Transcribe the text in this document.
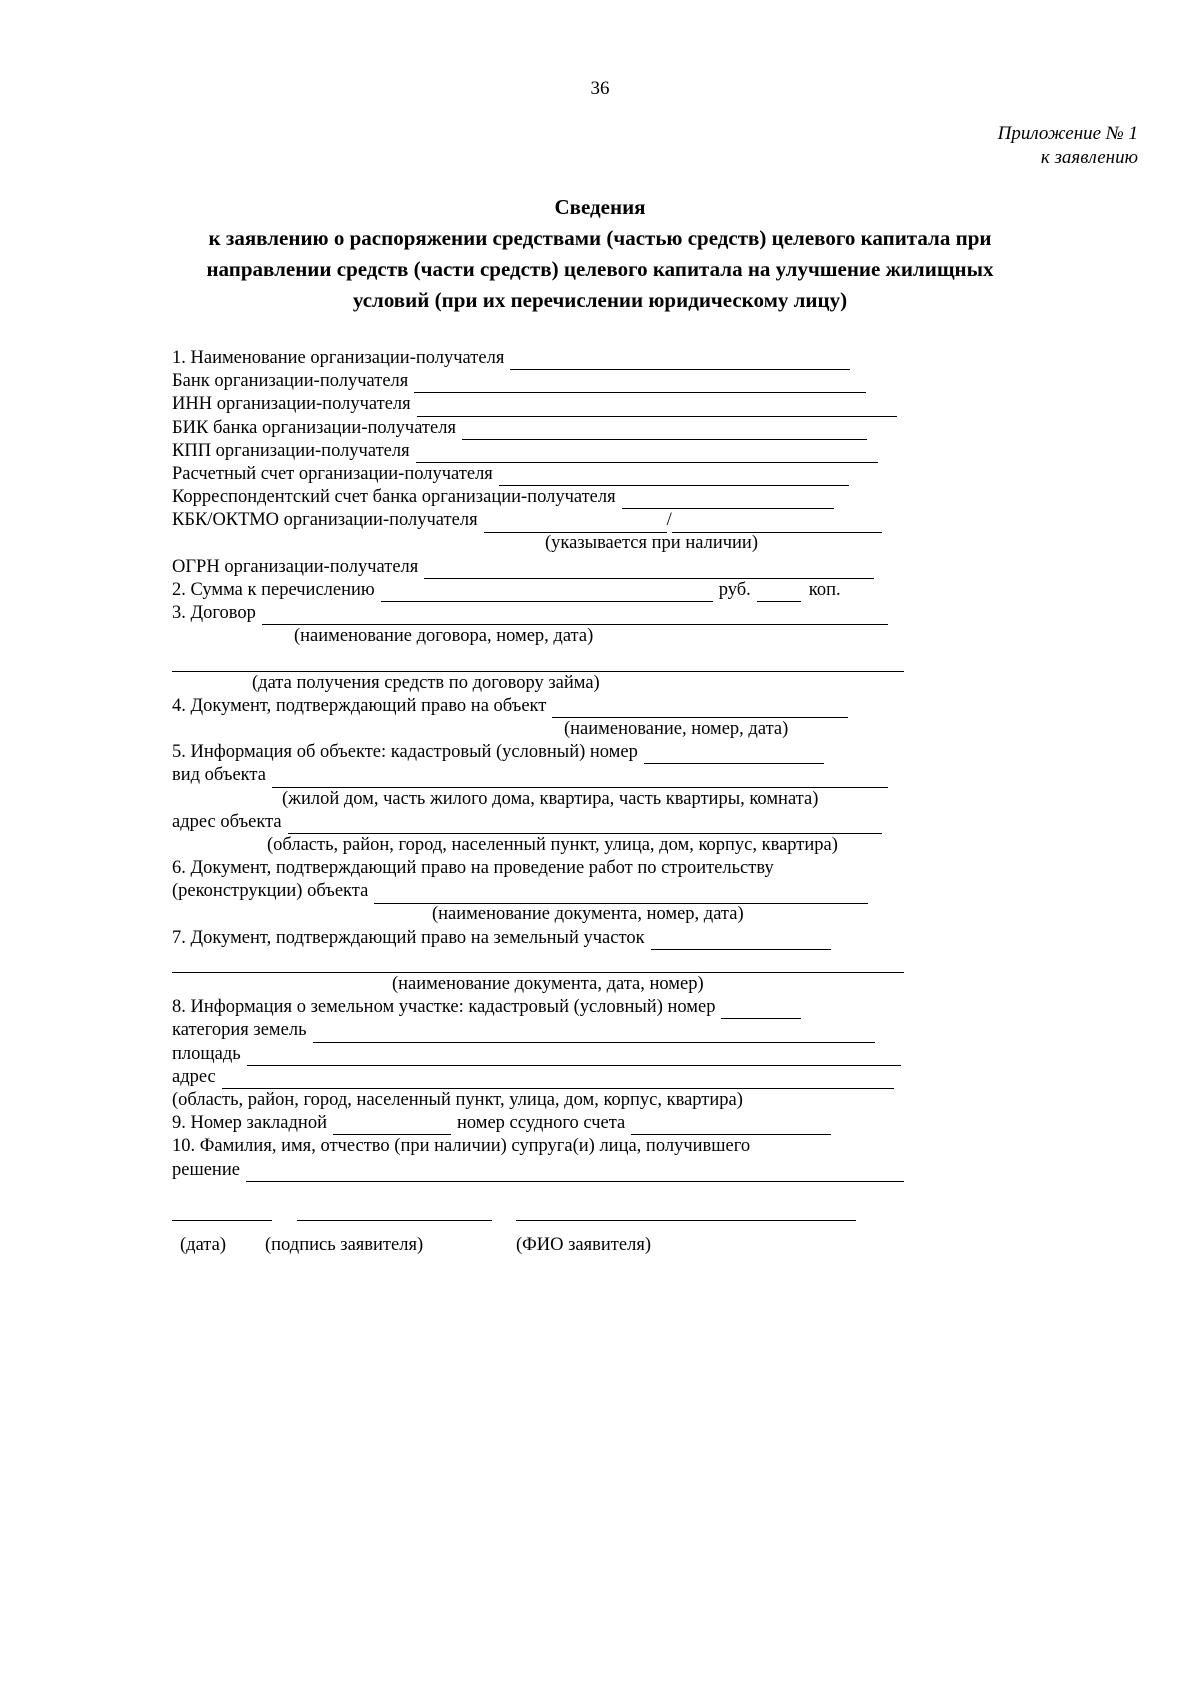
36
Приложение № 1
к заявлению
Сведения
к заявлению о распоряжении средствами (частью средств) целевого капитала при
направлении средств (части средств) целевого капитала на улучшение жилищных
условий (при их перечислении юридическому лицу)
1. Наименование организации-получателя
Банк организации-получателя
ИНН организации-получателя
БИК банка организации-получателя
КПП организации-получателя
Расчетный счет организации-получателя
Корреспондентский счет банка организации-получателя
КБК/ОКТМО организации-получателя	/
(указывается при наличии)
ОГРН организации-получателя
2. Сумма к перечислению	руб.	коп.
3. Договор
(наименование договора, номер, дата)
(дата получения средств по договору займа)
4. Документ, подтверждающий право на объект
(наименование, номер, дата)
5. Информация об объекте: кадастровый (условный) номер
вид объекта
(жилой дом, часть жилого дома, квартира, часть квартиры, комната)
адрес объекта
(область, район, город, населенный пункт, улица, дом, корпус, квартира)
6. Документ, подтверждающий право на проведение работ по строительству
(реконструкции) объекта
(наименование документа, номер, дата)
7. Документ, подтверждающий право на земельный участок
(наименование документа, дата, номер)
8. Информация о земельном участке: кадастровый (условный) номер
категория земель
площадь
адрес
(область, район, город, населенный пункт, улица, дом, корпус, квартира)
9. Номер закладной	номер ссудного счета
10. Фамилия, имя, отчество (при наличии) супруга(и) лица, получившего
решение
(дата) (подпись заявителя)	(ФИО заявителя)
